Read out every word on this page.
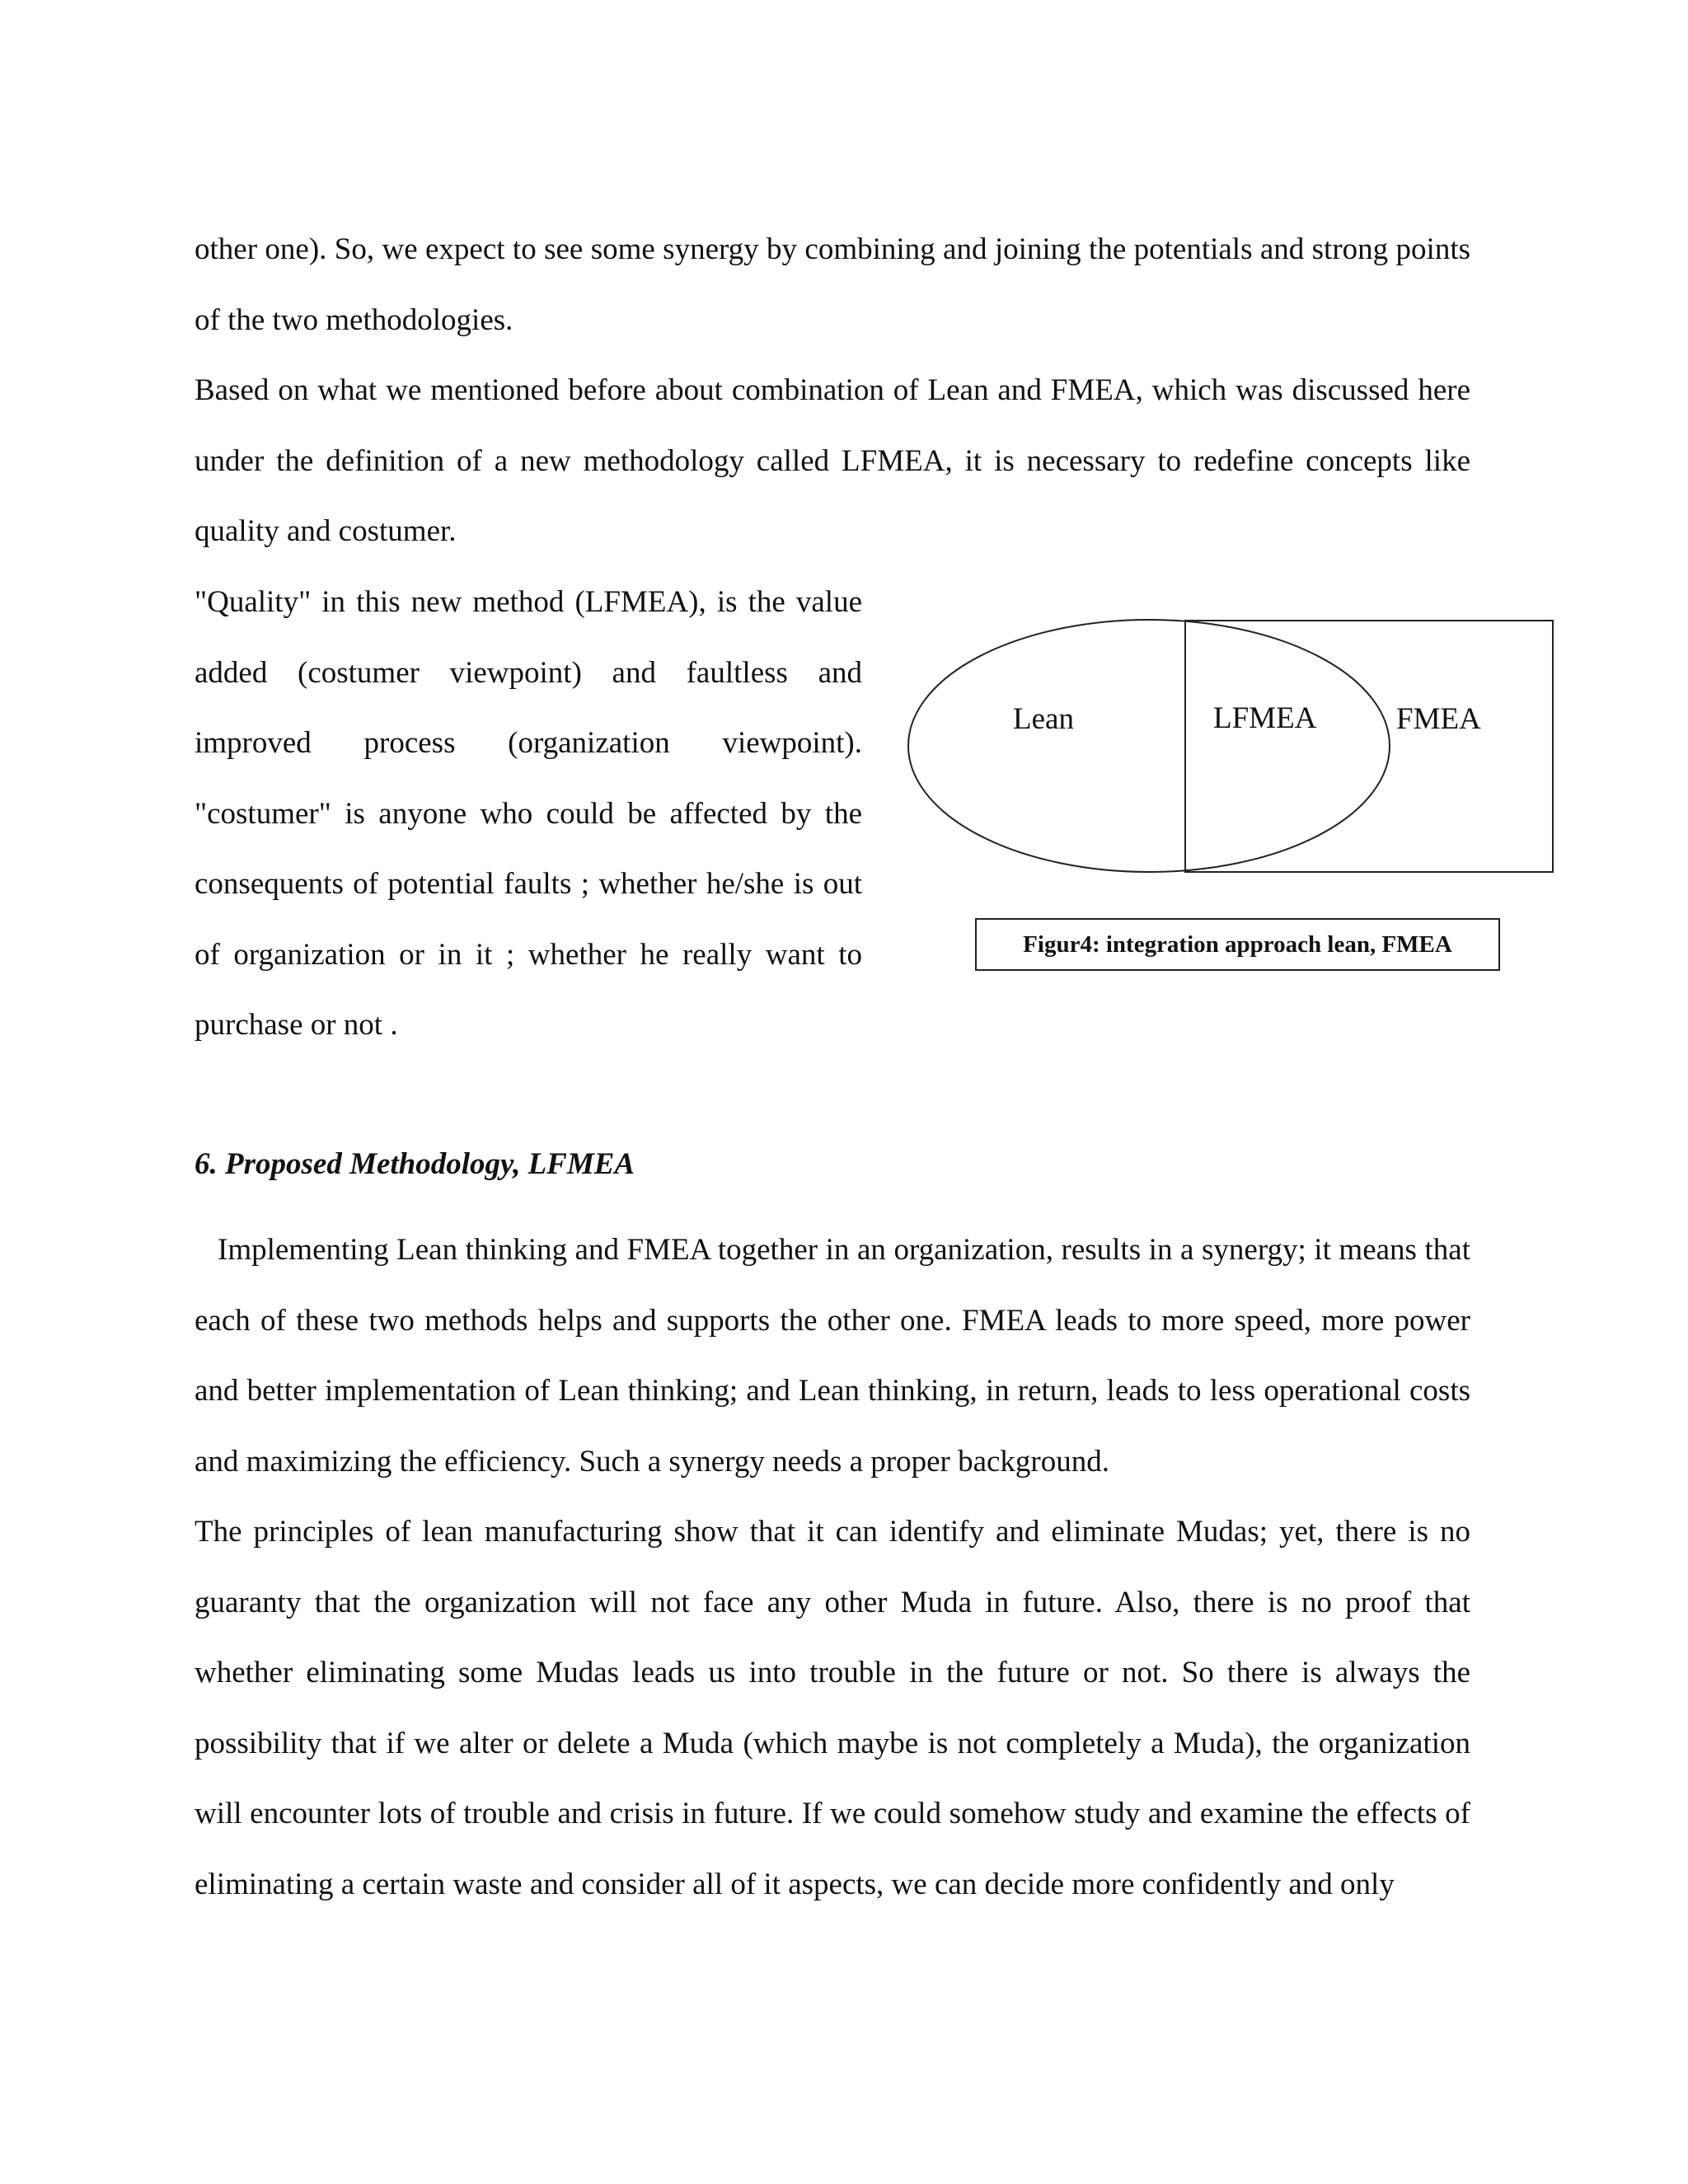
other one). So, we expect to see some synergy by combining and joining the potentials and strong points of the two methodologies.

Based on what we mentioned before about combination of Lean and FMEA, which was discussed here under the definition of a new methodology called LFMEA, it is necessary to redefine concepts like quality and costumer.

"Quality" in this new method (LFMEA), is the value added (costumer viewpoint) and faultless and improved process (organization viewpoint). "costumer" is anyone who could be affected by the consequents of potential faults ; whether he/she is out of organization or in it ; whether he really want to purchase or not .

Lean	LFMEA	FMEA
Figur4: integration approach lean, FMEA
6. Proposed Methodology, LFMEA

Implementing Lean thinking and FMEA together in an organization, results in a synergy; it means that each of these two methods helps and supports the other one. FMEA leads to more speed, more power and better implementation of Lean thinking; and Lean thinking, in return, leads to less operational costs and maximizing the efficiency. Such a synergy needs a proper background.

The principles of lean manufacturing show that it can identify and eliminate Mudas; yet, there is no guaranty that the organization will not face any other Muda in future. Also, there is no proof that whether eliminating some Mudas leads us into trouble in the future or not. So there is always the possibility that if we alter or delete a Muda (which maybe is not completely a Muda), the organization will encounter lots of trouble and crisis in future. If we could somehow study and examine the effects of eliminating a certain waste and consider all of it aspects, we can decide more confidently and only
